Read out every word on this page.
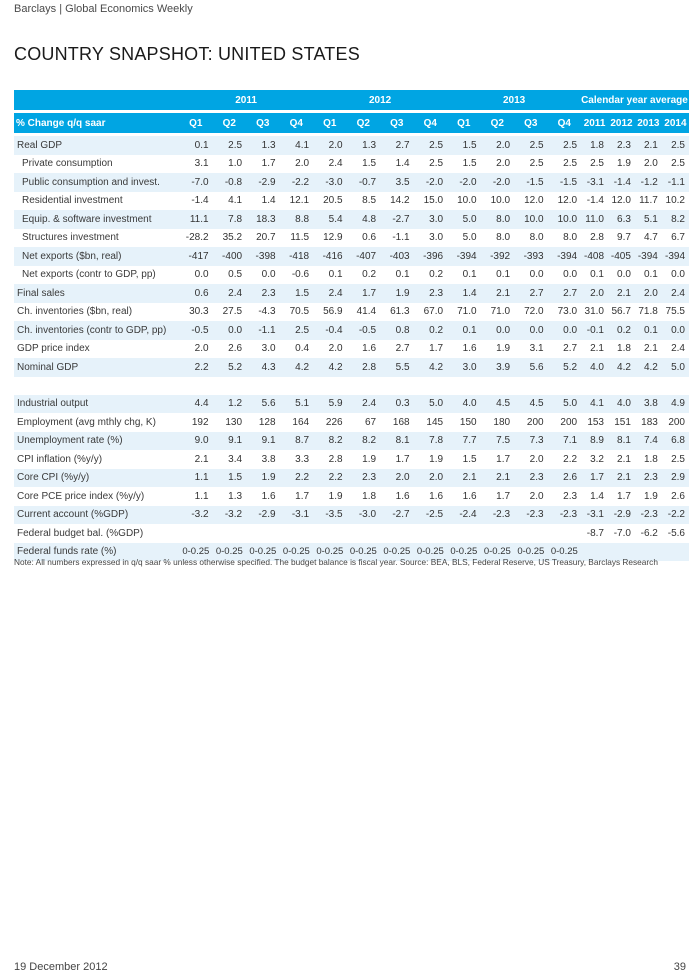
Barclays | Global Economics Weekly
COUNTRY SNAPSHOT: UNITED STATES
	2011				2012				2013				Calendar year average			

% Change q/q saar	Q1	Q2	Q3	Q4	Q1	Q2	Q3	Q4	Q1	Q2	Q3	Q4	2011	2012	2013	2014

Real GDP	0.1	2.5	1.3	4.1	2.0	1.3	2.7	2.5	1.5	2.0	2.5	2.5	1.8	2.3	2.1	2.5
Private consumption	3.1	1.0	1.7	2.0	2.4	1.5	1.4	2.5	1.5	2.0	2.5	2.5	2.5	1.9	2.0	2.5
Public consumption and invest.	-7.0	-0.8	-2.9	-2.2	-3.0	-0.7	3.5	-2.0	-2.0	-2.0	-1.5	-1.5	-3.1	-1.4	-1.2	-1.1
Residential investment	-1.4	4.1	1.4	12.1	20.5	8.5	14.2	15.0	10.0	10.0	12.0	12.0	-1.4	12.0	11.7	10.2
Equip. & software investment	11.1	7.8	18.3	8.8	5.4	4.8	-2.7	3.0	5.0	8.0	10.0	10.0	11.0	6.3	5.1	8.2
Structures investment	-28.2	35.2	20.7	11.5	12.9	0.6	-1.1	3.0	5.0	8.0	8.0	8.0	2.8	9.7	4.7	6.7
Net exports ($bn, real)	-417	-400	-398	-418	-416	-407	-403	-396	-394	-392	-393	-394	-408	-405	-394	-394
Net exports (contr to GDP, pp)	0.0	0.5	0.0	-0.6	0.1	0.2	0.1	0.2	0.1	0.1	0.0	0.0	0.1	0.0	0.1	0.0
Final sales	0.6	2.4	2.3	1.5	2.4	1.7	1.9	2.3	1.4	2.1	2.7	2.7	2.0	2.1	2.0	2.4
Ch. inventories ($bn, real)	30.3	27.5	-4.3	70.5	56.9	41.4	61.3	67.0	71.0	71.0	72.0	73.0	31.0	56.7	71.8	75.5
Ch. inventories (contr to GDP, pp)	-0.5	0.0	-1.1	2.5	-0.4	-0.5	0.8	0.2	0.1	0.0	0.0	0.0	-0.1	0.2	0.1	0.0
GDP price index	2.0	2.6	3.0	0.4	2.0	1.6	2.7	1.7	1.6	1.9	3.1	2.7	2.1	1.8	2.1	2.4
Nominal GDP	2.2	5.2	4.3	4.2	4.2	2.8	5.5	4.2	3.0	3.9	5.6	5.2	4.0	4.2	4.2	5.0

Industrial output	4.4	1.2	5.6	5.1	5.9	2.4	0.3	5.0	4.0	4.5	4.5	5.0	4.1	4.0	3.8	4.9
Employment (avg mthly chg, K)	192	130	128	164	226	67	168	145	150	180	200	200	153	151	183	200
Unemployment rate (%)	9.0	9.1	9.1	8.7	8.2	8.2	8.1	7.8	7.7	7.5	7.3	7.1	8.9	8.1	7.4	6.8
CPI inflation (%y/y)	2.1	3.4	3.8	3.3	2.8	1.9	1.7	1.9	1.5	1.7	2.0	2.2	3.2	2.1	1.8	2.5
Core CPI (%y/y)	1.1	1.5	1.9	2.2	2.2	2.3	2.0	2.0	2.1	2.1	2.3	2.6	1.7	2.1	2.3	2.9
Core PCE price index (%y/y)	1.1	1.3	1.6	1.7	1.9	1.8	1.6	1.6	1.6	1.7	2.0	2.3	1.4	1.7	1.9	2.6
Current account (%GDP)	-3.2	-3.2	-2.9	-3.1	-3.5	-3.0	-2.7	-2.5	-2.4	-2.3	-2.3	-2.3	-3.1	-2.9	-2.3	-2.2
Federal budget bal. (%GDP)													-8.7	-7.0	-6.2	-5.6
Federal funds rate (%)	0-0.25	0-0.25	0-0.25	0-0.25	0-0.25	0-0.25	0-0.25	0-0.25	0-0.25	0-0.25	0-0.25	0-0.25				
Note: All numbers expressed in q/q saar % unless otherwise specified. The budget balance is fiscal year. Source: BEA, BLS, Federal Reserve, US Treasury, Barclays Research
19 December 2012	39
